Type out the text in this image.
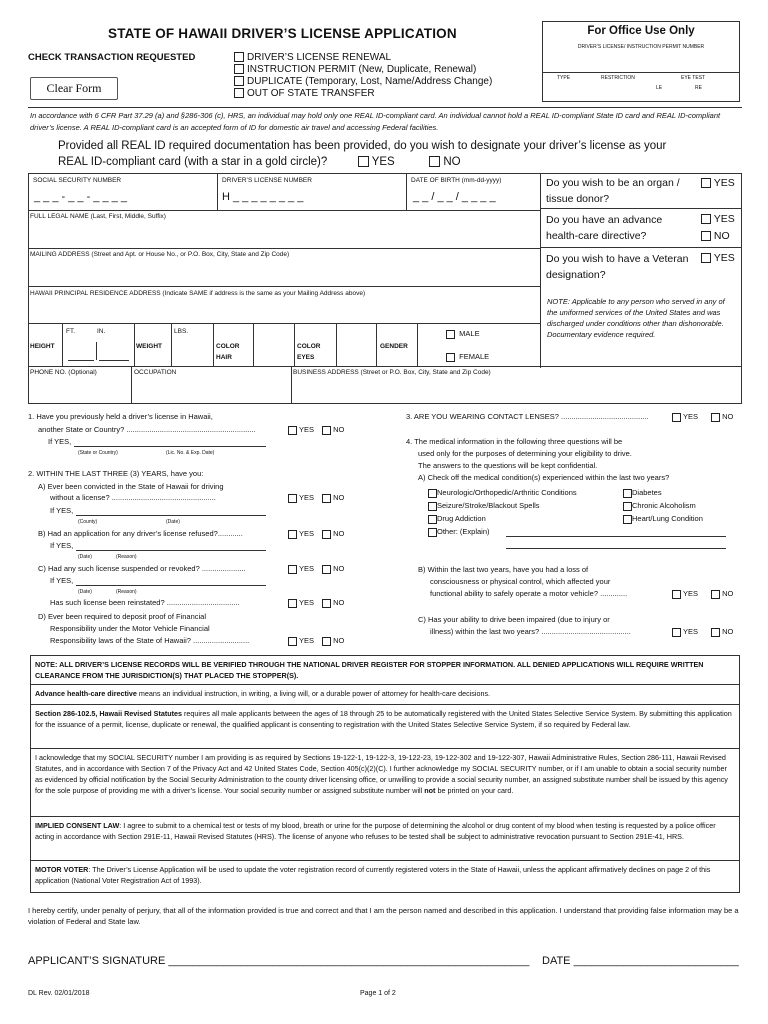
STATE OF HAWAII DRIVER’S LICENSE APPLICATION
CHECK TRANSACTION REQUESTED	DRIVER’S LICENSE RENEWAL
INSTRUCTION PERMIT (New, Duplicate, Renewal)
DUPLICATE (Temporary, Lost, Name/Address Change)
OUT OF STATE TRANSFER
Clear Form
For Office Use Only
DRIVER’S LICENSE/ INSTRUCTION PERMIT NUMBER
TYPE	RESTRICTION	EYE TEST
LE	RE
In accordance with 6 CFR Part 37.29 (a) and §286-306 (c), HRS, an individual may hold only one REAL ID-compliant card. An individual cannot hold a REAL ID-compliant State ID card and REAL ID-compliant driver’s license. A REAL ID-compliant card is an accepted form of ID for domestic air travel and accessing Federal facilities.
Provided all REAL ID required documentation has been provided, do you wish to designate your driver’s license as your
REAL ID-compliant card (with a star in a gold circle)?	YES	NO
SOCIAL SECURITY NUMBER
_ _ _ - _ _ - _ _ _ _
DRIVER’S LICENSE NUMBER
H _ _ _ _ _ _ _ _
DATE OF BIRTH (mm-dd-yyyy)
_ _ / _ _ / _ _ _ _
FULL LEGAL NAME (Last, First, Middle, Suffix)
MAILING ADDRESS (Street and Apt. or House No., or P.O. Box, City, State and Zip Code)
HAWAII PRINCIPAL RESIDENCE ADDRESS (Indicate SAME if address is the same as your Mailing Address above)
HEIGHT
FT.	IN.
WEIGHT
LBS.
COLOR
HAIR
COLOR
EYES
GENDER
MALE
FEMALE
PHONE NO. (Optional)	OCCUPATION	BUSINESS ADDRESS (Street or P.O. Box, City, State and Zip Code)
Do you wish to be an organ /
tissue donor?
YES
Do you have an advance
health-care directive?
YES
NO
Do you wish to have a Veteran
designation?
YES
NOTE: Applicable to any person who served in any of the uniformed services of the United States and was discharged under conditions other than dishonorable. Documentary evidence required.
1. Have you previously held a driver’s license in Hawaii,
another State or Country? ..............................................................	YES	NO
If YES,
(State or Country)	(Lic. No. & Exp. Date)
2. WITHIN THE LAST THREE (3) YEARS, have you:
A) Ever been convicted in the State of Hawaii for driving
without a license? ..................................................	YES	NO
If YES,
(County)	(Date)
B) Had an application for any driver’s license refused?............	YES	NO
If YES,
(Date)	(Reason)
C) Had any such license suspended or revoked? .....................	YES	NO
If YES,
(Date)	(Reason)
Has such license been reinstated? ...................................	YES	NO
D) Ever been required to deposit proof of Financial
Responsibility under the Motor Vehicle Financial
Responsibility laws of the State of Hawaii? ...........................	YES	NO
3. ARE YOU WEARING CONTACT LENSES? ..........................................	YES	NO
4. The medical information in the following three questions will be
used only for the purposes of determining your eligibility to drive.
The answers to the questions will be kept confidential.
A) Check off the medical condition(s) experienced within the last two years?
Neurologic/Orthopedic/Arthritic Conditions
Seizure/Stroke/Blackout Spells
Drug Addiction
Other: (Explain)
Diabetes
Chronic Alcoholism
Heart/Lung Condition
B) Within the last two years, have you had a loss of
consciousness or physical control, which affected your
functional ability to safely operate a motor vehicle? .............	YES	NO
C) Has your ability to drive been impaired (due to injury or
illness) within the last two years? ...........................................	YES	NO
NOTE: ALL DRIVER’S LICENSE RECORDS WILL BE VERIFIED THROUGH THE NATIONAL DRIVER REGISTER FOR STOPPER INFORMATION. ALL DENIED APPLICATIONS WILL REQUIRE WRITTEN CLEARANCE FROM THE JURISDICTION(S) THAT PLACED THE STOPPER(S).
Advance health-care directive means an individual instruction, in writing, a living will, or a durable power of attorney for health-care decisions.
Section 286-102.5, Hawaii Revised Statutes requires all male applicants between the ages of 18 through 25 to be automatically registered with the United States Selective Service System. By submitting this application for the issuance of a permit, license, duplicate or renewal, the qualified applicant is consenting to registration with the United States Selective Service System, if so required by Federal law.
I acknowledge that my SOCIAL SECURITY number I am providing is as required by Sections 19-122-1, 19-122-3, 19-122-23, 19-122-302 and 19-122-307, Hawaii Administrative Rules, Section 286-111, Hawaii Revised Statutes, and in accordance with Section 7 of the Privacy Act and 42 United States Code, Section 405(c)(2)(C). I further acknowledge my SOCIAL SECURITY number, or if I am unable to obtain a social security number as evidenced by official notification by the Social Security Administration to the county driver licensing office, or unwilling to provide a social security number, an assigned substitute number shall be issued by this agency for the sole purpose of providing me with a driver’s license. Your social security number or assigned substitute number will not be printed on your card.
IMPLIED CONSENT LAW: I agree to submit to a chemical test or tests of my blood, breath or urine for the purpose of determining the alcohol or drug content of my blood when testing is requested by a police officer acting in accordance with Section 291E-11, Hawaii Revised Statutes (HRS). The license of anyone who refuses to be tested shall be subject to administrative revocation pursuant to Section 291E-41, HRS.
MOTOR VOTER: The Driver’s License Application will be used to update the voter registration record of currently registered voters in the State of Hawaii, unless the applicant affirmatively declines on page 2 of this application (National Voter Registration Act of 1993).
I hereby certify, under penalty of perjury, that all of the information provided is true and correct and that I am the person named and described in this application. I understand that providing false information may be a violation of Federal and State law.
APPLICANT’S SIGNATURE ___________________________________________________________ DATE ___________________________
DL Rev. 02/01/2018	Page 1 of 2
